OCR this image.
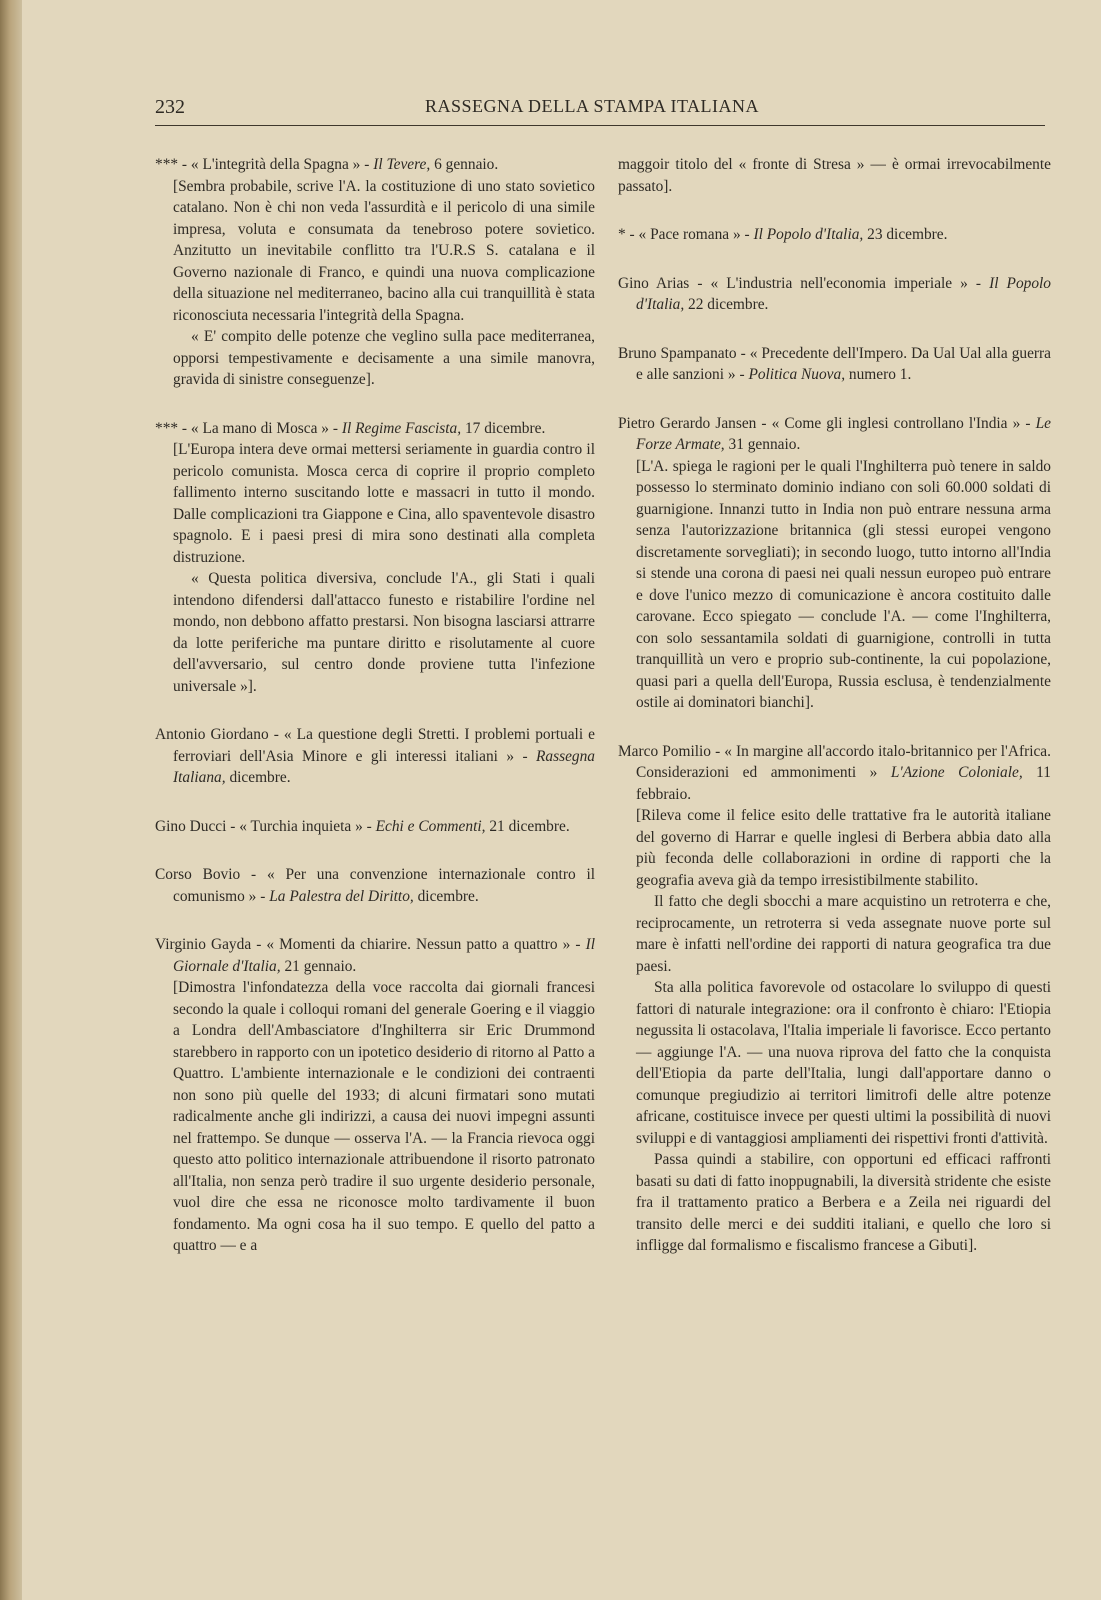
232	RASSEGNA DELLA STAMPA ITALIANA
*** - « L'integrità della Spagna » - Il Tevere, 6 gennaio.

[Sembra probabile, scrive l'A. la costituzione di uno stato sovietico catalano. Non è chi non veda l'assurdità e il pericolo di una simile impresa, voluta e consumata da tenebroso potere sovietico. Anzitutto un inevitabile conflitto tra l'U.R.S S. catalana e il Governo nazionale di Franco, e quindi una nuova complicazione della situazione nel mediterraneo, bacino alla cui tranquillità è stata riconosciuta necessaria l'integrità della Spagna.

« E' compito delle potenze che veglino sulla pace mediterranea, opporsi tempestivamente e decisamente a una simile manovra, gravida di sinistre conseguenze].

*** - « La mano di Mosca » - Il Regime Fascista, 17 dicembre.

[L'Europa intera deve ormai mettersi seriamente in guardia contro il pericolo comunista. Mosca cerca di coprire il proprio completo fallimento interno suscitando lotte e massacri in tutto il mondo. Dalle complicazioni tra Giappone e Cina, allo spaventevole disastro spagnolo. E i paesi presi di mira sono destinati alla completa distruzione.

« Questa politica diversiva, conclude l'A., gli Stati i quali intendono difendersi dall'attacco funesto e ristabilire l'ordine nel mondo, non debbono affatto prestarsi. Non bisogna lasciarsi attrarre da lotte periferiche ma puntare diritto e risolutamente al cuore dell'avversario, sul centro donde proviene tutta l'infezione universale »].

Antonio Giordano - « La questione degli Stretti. I problemi portuali e ferroviari dell'Asia Minore e gli interessi italiani » - Rassegna Italiana, dicembre.
Gino Ducci - « Turchia inquieta » - Echi e Commenti, 21 dicembre.
Corso Bovio - « Per una convenzione internazionale contro il comunismo » - La Palestra del Diritto, dicembre.
Virginio Gayda - « Momenti da chiarire. Nessun patto a quattro » - Il Giornale d'Italia, 21 gennaio.

[Dimostra l'infondatezza della voce raccolta dai giornali francesi secondo la quale i colloqui romani del generale Goering e il viaggio a Londra dell'Ambasciatore d'Inghilterra sir Eric Drummond starebbero in rapporto con un ipotetico desiderio di ritorno al Patto a Quattro. L'ambiente internazionale e le condizioni dei contraenti non sono più quelle del 1933; di alcuni firmatari sono mutati radicalmente anche gli indirizzi, a causa dei nuovi impegni assunti nel frattempo. Se dunque — osserva l'A. — la Francia rievoca oggi questo atto politico internazionale attribuendone il risorto patronato all'Italia, non senza però tradire il suo urgente desiderio personale, vuol dire che essa ne riconosce molto tardivamente il buon fondamento. Ma ogni cosa ha il suo tempo. E quello del patto a quattro — e a

maggoir titolo del « fronte di Stresa » — è ormai irrevocabilmente passato].

* - « Pace romana » - Il Popolo d'Italia, 23 dicembre.
Gino Arias - « L'industria nell'economia imperiale » - Il Popolo d'Italia, 22 dicembre.
Bruno Spampanato - « Precedente dell'Impero. Da Ual Ual alla guerra e alle sanzioni » - Politica Nuova, numero 1.
Pietro Gerardo Jansen - « Come gli inglesi controllano l'India » - Le Forze Armate, 31 gennaio.

[L'A. spiega le ragioni per le quali l'Inghilterra può tenere in saldo possesso lo sterminato dominio indiano con soli 60.000 soldati di guarnigione. Innanzi tutto in India non può entrare nessuna arma senza l'autorizzazione britannica (gli stessi europei vengono discretamente sorvegliati); in secondo luogo, tutto intorno all'India si stende una corona di paesi nei quali nessun europeo può entrare e dove l'unico mezzo di comunicazione è ancora costituito dalle carovane. Ecco spiegato — conclude l'A. — come l'Inghilterra, con solo sessantamila soldati di guarnigione, controlli in tutta tranquillità un vero e proprio sub-continente, la cui popolazione, quasi pari a quella dell'Europa, Russia esclusa, è tendenzialmente ostile ai dominatori bianchi].

Marco Pomilio - « In margine all'accordo italo-britannico per l'Africa. Considerazioni ed ammonimenti » L'Azione Coloniale, 11 febbraio.

[Rileva come il felice esito delle trattative fra le autorità italiane del governo di Harrar e quelle inglesi di Berbera abbia dato alla più feconda delle collaborazioni in ordine di rapporti che la geografia aveva già da tempo irresistibilmente stabilito.

Il fatto che degli sbocchi a mare acquistino un retroterra e che, reciprocamente, un retroterra si veda assegnate nuove porte sul mare è infatti nell'ordine dei rapporti di natura geografica tra due paesi.

Sta alla politica favorevole od ostacolare lo sviluppo di questi fattori di naturale integrazione: ora il confronto è chiaro: l'Etiopia negussita li ostacolava, l'Italia imperiale li favorisce. Ecco pertanto — aggiunge l'A. — una nuova riprova del fatto che la conquista dell'Etiopia da parte dell'Italia, lungi dall'apportare danno o comunque pregiudizio ai territori limitrofi delle altre potenze africane, costituisce invece per questi ultimi la possibilità di nuovi sviluppi e di vantaggiosi ampliamenti dei rispettivi fronti d'attività.

Passa quindi a stabilire, con opportuni ed efficaci raffronti basati su dati di fatto inoppugnabili, la diversità stridente che esiste fra il trattamento pratico a Berbera e a Zeila nei riguardi del transito delle merci e dei sudditi italiani, e quello che loro si infligge dal formalismo e fiscalismo francese a Gibuti].
